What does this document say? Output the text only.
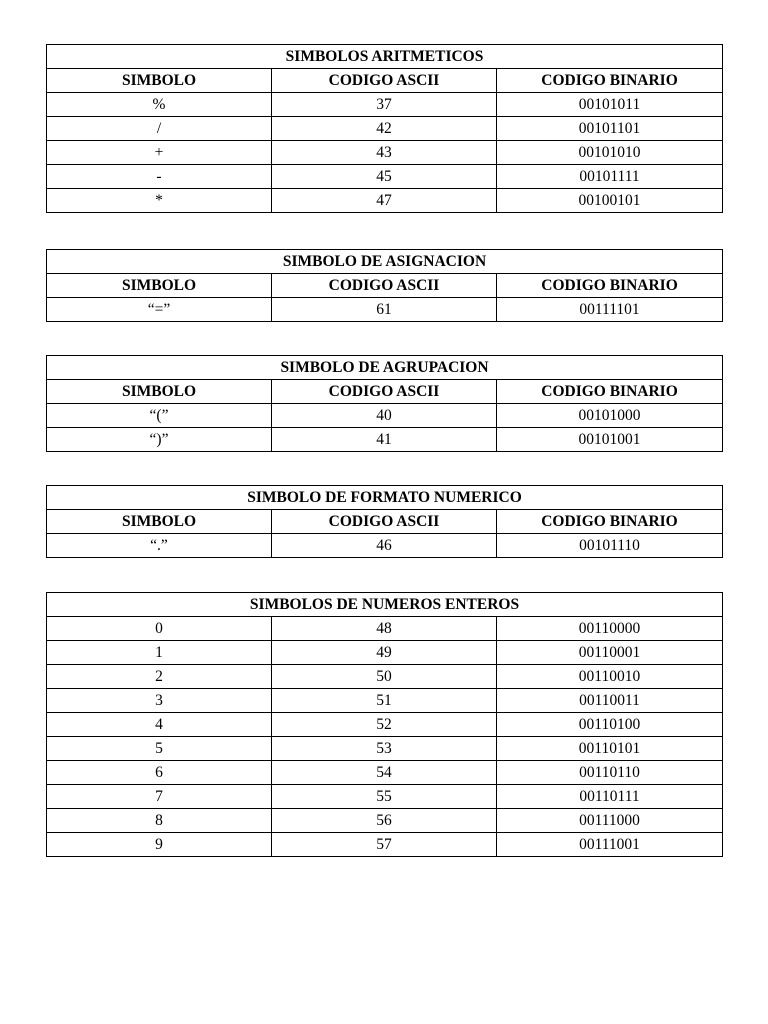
SIMBOLOS ARITMETICOS		
SIMBOLO	CODIGO ASCII	CODIGO BINARIO
%	37	00101011
/	42	00101101
+	43	00101010
-	45	00101111
*	47	00100101
SIMBOLO DE ASIGNACION		
SIMBOLO	CODIGO ASCII	CODIGO BINARIO
“=”	61	00111101
SIMBOLO DE AGRUPACION		
SIMBOLO	CODIGO ASCII	CODIGO BINARIO
“(”	40	00101000
“)”	41	00101001
SIMBOLO DE FORMATO NUMERICO		
SIMBOLO	CODIGO ASCII	CODIGO BINARIO
“.”	46	00101110
SIMBOLOS DE NUMEROS ENTEROS		
0	48	00110000
1	49	00110001
2	50	00110010
3	51	00110011
4	52	00110100
5	53	00110101
6	54	00110110
7	55	00110111
8	56	00111000
9	57	00111001
